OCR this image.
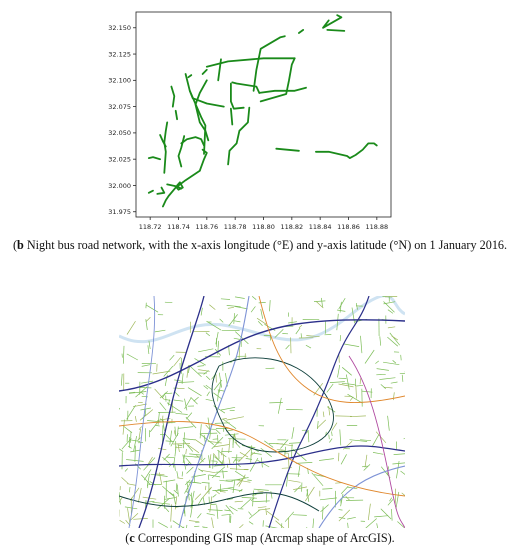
118.72 118.74 118.76 118.78 118.80 118.82 118.84 118.86 118.88
31.975
32.000
32.025
32.050
32.075
32.100
32.125
32.150
(b Night bus road network, with the x-axis longitude (°E) and y-axis latitude (°N) on 1 January 2016.
(c Corresponding GIS map (Arcmap shape of ArcGIS).
